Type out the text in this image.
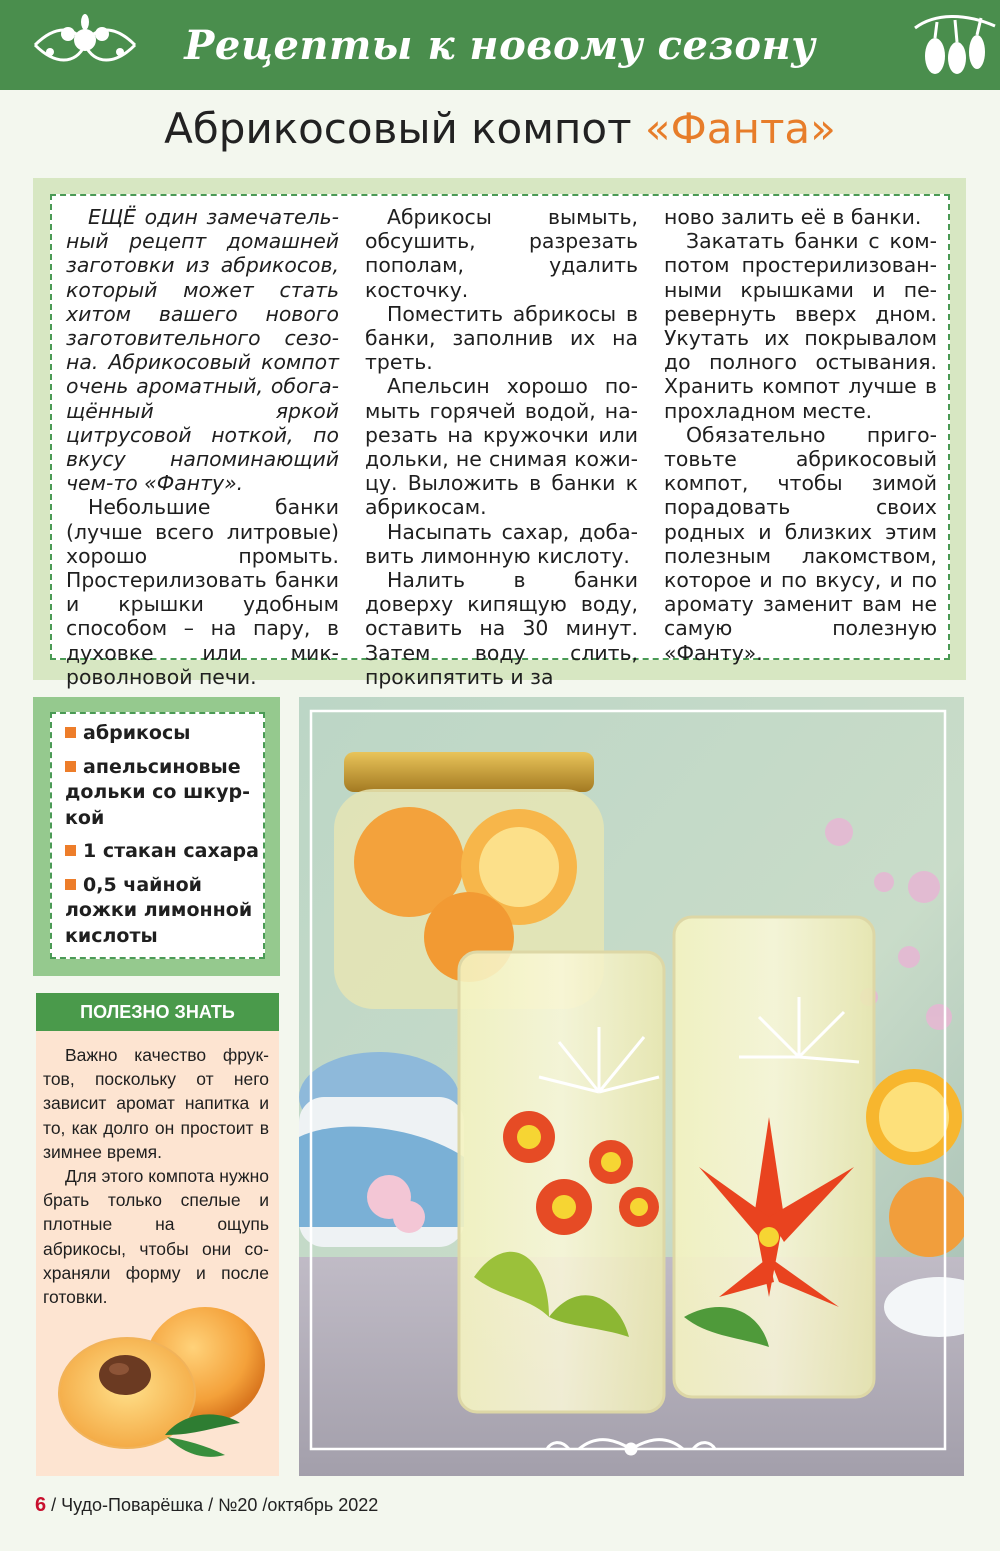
Рецепты к новому сезону
Абрикосовый компот «Фанта»

ЕЩЁ один замечательный рецепт домашней заготовки из абрикосов, который может стать хитом вашего нового заготовительного сезона. Абрикосовый компот очень ароматный, обогащённый яркой цитрусовой ноткой, по вкусу напоминающий чем-то «Фанту».

Небольшие банки (лучше всего литровые) хорошо промыть. Простерилизовать банки и крышки удобным способом – на пару, в духовке или микроволновой печи.

Абрикосы вымыть, обсушить, разрезать пополам, удалить косточку.

Поместить абрикосы в банки, заполнив их на треть.

Апельсин хорошо помыть горячей водой, нарезать на кружочки или дольки, не снимая кожицу. Выложить в банки к абрикосам.

Насыпать сахар, добавить лимонную кислоту.

Налить в банки доверху кипящую воду, оставить на 30 минут. Затем воду слить, прокипятить и за

ново залить её в банки.

Закатать банки с компотом простерилизованными крышками и перевернуть вверх дном. Укутать их покрывалом до полного остывания. Хранить компот лучше в прохладном месте.

Обязательно приготовьте абрикосовый компот, чтобы зимой порадовать своих родных и близких этим полезным лакомством, которое и по вкусу, и по аромату заменит вам не самую полезную «Фанту».

абрикосы
апельсиновые дольки со шкуркой
1 стакан сахара
0,5 чайной ложки лимонной кислоты
ПОЛЕЗНО ЗНАТЬ

Важно качество фруктов, поскольку от него зависит аромат напитка и то, как долго он простоит в зимнее время.

Для этого компота нужно брать только спелые и плотные на ощупь абрикосы, чтобы они сохраняли форму и после готовки.

6 / Чудо-Поварёшка / №20 /октябрь 2022
